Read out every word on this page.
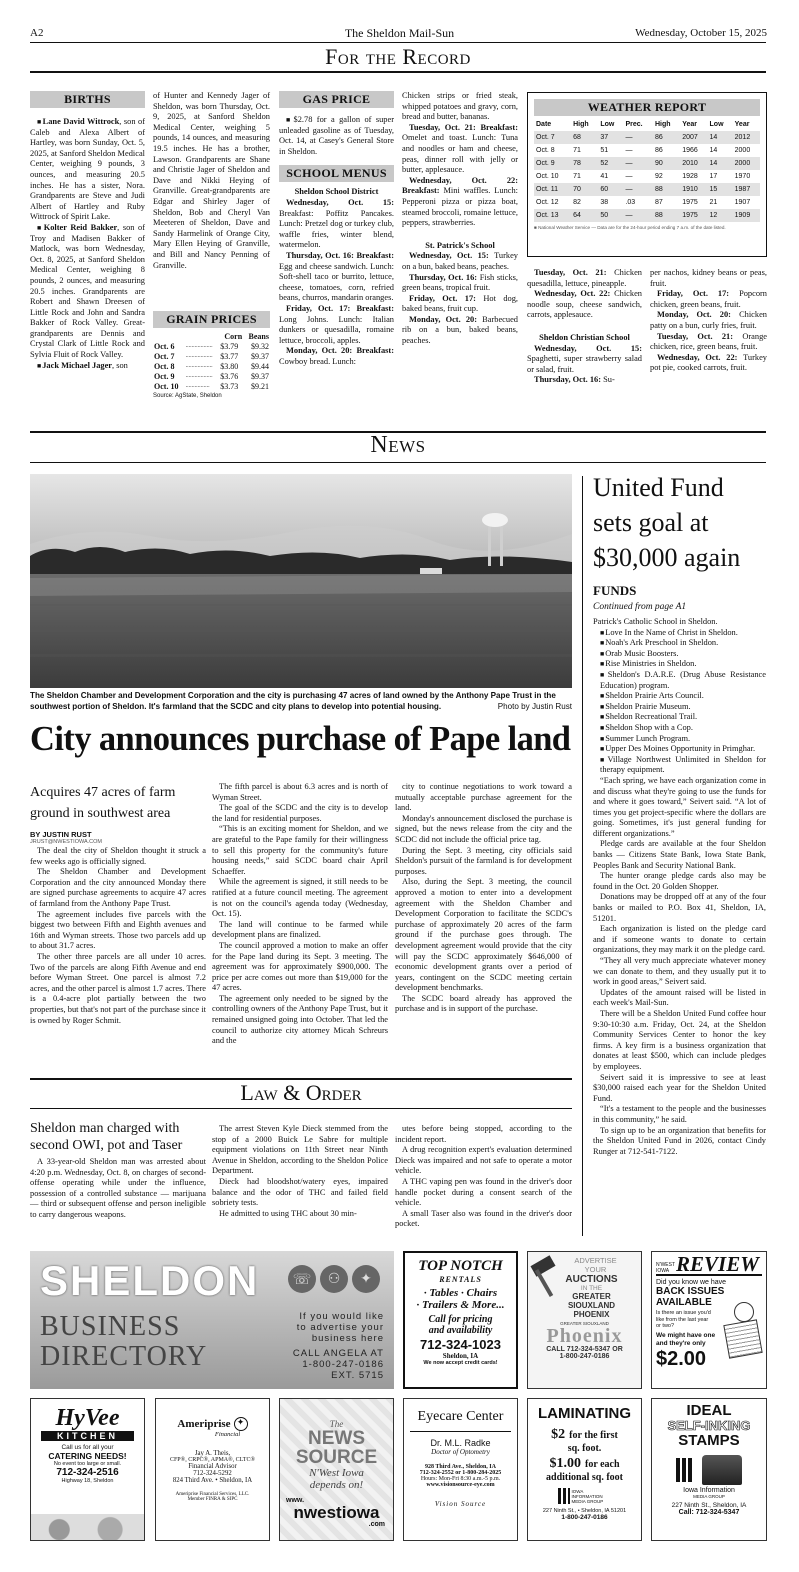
A2	The Sheldon Mail-Sun	Wednesday, October 15, 2025
For the Record
BIRTHS

■ Lane David Wittrock, son of Caleb and Alexa Albert of Hartley, was born Sunday, Oct. 5, 2025, at Sanford Sheldon Medical Center, weighing 9 pounds, 3 ounces, and measuring 20.5 inches. He has a sister, Nora. Grandparents are Steve and Judi Albert of Hartley and Ruby Wittrock of Spirit Lake.

■ Kolter Reid Bakker, son of Troy and Madisen Bakker of Matlock, was born Wednesday, Oct. 8, 2025, at Sanford Sheldon Medical Center, weighing 8 pounds, 2 ounces, and measuring 20.5 inches. Grandparents are Robert and Shawn Dreesen of Little Rock and John and Sandra Bakker of Rock Valley. Great-grandparents are Dennis and Crystal Clark of Little Rock and Sylvia Fluit of Rock Valley.

■ Jack Michael Jager, son

of Hunter and Kennedy Jager of Sheldon, was born Thursday, Oct. 9, 2025, at Sanford Sheldon Medical Center, weighing 5 pounds, 14 ounces, and measuring 19.5 inches. He has a brother, Lawson. Grandparents are Shane and Christie Jager of Sheldon and Dave and Nikki Heying of Granville. Great-grandparents are Edgar and Shirley Jager of Sheldon, Bob and Cheryl Van Meeteren of Sheldon, Dave and Sandy Harmelink of Orange City, Mary Ellen Heying of Granville, and Bill and Nancy Penning of Granville.
GRAIN PRICES
		Corn	Beans
Oct. 6	..................	$3.79	$9.32
Oct. 7	..................	$3.77	$9.37
Oct. 8	..................	$3.80	$9.44
Oct. 9	..................	$3.76	$9.37
Oct. 10	................	$3.73	$9.21
Source: AgState, Sheldon
GAS PRICE

■ $2.78 for a gallon of super unleaded gasoline as of Tuesday, Oct. 14, at Casey's General Store in Sheldon.

SCHOOL MENUS
Sheldon School District

Wednesday, Oct. 15: Breakfast: Poffitz Pancakes. Lunch: Pretzel dog or turkey club, waffle fries, winter blend, watermelon.

Thursday, Oct. 16: Breakfast: Egg and cheese sandwich. Lunch: Soft-shell taco or burrito, lettuce, cheese, tomatoes, corn, refried beans, churros, mandarin oranges.

Friday, Oct. 17: Breakfast: Long Johns. Lunch: Italian dunkers or quesadilla, romaine lettuce, broccoli, apples.

Monday, Oct. 20: Breakfast: Cowboy bread. Lunch:

Chicken strips or fried steak, whipped potatoes and gravy, corn, bread and butter, bananas.

Tuesday, Oct. 21: Breakfast: Omelet and toast. Lunch: Tuna and noodles or ham and cheese, peas, dinner roll with jelly or butter, applesauce.

Wednesday, Oct. 22: Breakfast: Mini waffles. Lunch: Pepperoni pizza or pizza boat, steamed broccoli, romaine lettuce, peppers, strawberries.

St. Patrick's School

Wednesday, Oct. 15: Turkey on a bun, baked beans, peaches.

Thursday, Oct. 16: Fish sticks, green beans, tropical fruit.

Friday, Oct. 17: Hot dog, baked beans, fruit cup.

Monday, Oct. 20: Barbecued rib on a bun, baked beans, peaches.

WEATHER REPORT
Date	High	Low	Prec.	High	Year	Low	Year
Oct. 7	68	37	—	86	2007	14	2012
Oct. 8	71	51	—	86	1966	14	2000
Oct. 9	78	52	—	90	2010	14	2000
Oct. 10	71	41	—	92	1928	17	1970
Oct. 11	70	60	—	88	1910	15	1987
Oct. 12	82	38	.03	87	1975	21	1907
Oct. 13	64	50	—	88	1975	12	1909
■ National Weather Service — Data are for the 24-hour period ending 7 a.m. of the date listed.

Tuesday, Oct. 21: Chicken quesadilla, lettuce, pineapple.

Wednesday, Oct. 22: Chicken noodle soup, cheese sandwich, carrots, applesauce.

Sheldon Christian School

Wednesday, Oct. 15: Spaghetti, super strawberry salad or salad, fruit.

Thursday, Oct. 16: Su-

per nachos, kidney beans or peas, fruit.

Friday, Oct. 17: Popcorn chicken, green beans, fruit.

Monday, Oct. 20: Chicken patty on a bun, curly fries, fruit.

Tuesday, Oct. 21: Orange chicken, rice, green beans, fruit.

Wednesday, Oct. 22: Turkey pot pie, cooked carrots, fruit.

News
The Sheldon Chamber and Development Corporation and the city is purchasing 47 acres of land owned by the Anthony Pape Trust in the southwest portion of Sheldon. It's farmland that the SCDC and city plans to develop into potential housing.	Photo by Justin Rust
City announces purchase of Pape land
Acquires 47 acres of farm ground in southwest area
BY JUSTIN RUST
JRUST@NWESTIOWA.COM

The deal the city of Sheldon thought it struck a few weeks ago is officially signed.

The Sheldon Chamber and Development Corporation and the city announced Monday there are signed purchase agreements to acquire 47 acres of farmland from the Anthony Pape Trust.

The agreement includes five parcels with the biggest two between Fifth and Eighth avenues and 16th and Wyman streets. Those two parcels add up to about 31.7 acres.

The other three parcels are all under 10 acres. Two of the parcels are along Fifth Avenue and end before Wyman Street. One parcel is almost 7.2 acres, and the other parcel is almost 1.7 acres. There is a 0.4-acre plot partially between the two properties, but that's not part of the purchase since it is owned by Roger Schmit.

The fifth parcel is about 6.3 acres and is north of Wyman Street.

The goal of the SCDC and the city is to develop the land for residential purposes.

“This is an exciting moment for Sheldon, and we are grateful to the Pape family for their willingness to sell this property for the community's future housing needs,” said SCDC board chair April Schaeffer.

While the agreement is signed, it still needs to be ratified at a future council meeting. The agreement is not on the council's agenda today (Wednesday, Oct. 15).

The land will continue to be farmed while development plans are finalized.

The council approved a motion to make an offer for the Pape land during its Sept. 3 meeting. The agreement was for approximately $900,000. The price per acre comes out more than $19,000 for the 47 acres.

The agreement only needed to be signed by the controlling owners of the Anthony Pape Trust, but it remained unsigned going into October. That led the council to authorize city attorney Micah Schreurs and the

city to continue negotiations to work toward a mutually acceptable purchase agreement for the land.

Monday's announcement disclosed the purchase is signed, but the news release from the city and the SCDC did not include the official price tag.

During the Sept. 3 meeting, city officials said Sheldon's pursuit of the farmland is for development purposes.

Also, during the Sept. 3 meeting, the council approved a motion to enter into a development agreement with the Sheldon Chamber and Development Corporation to facilitate the SCDC's purchase of approximately 20 acres of the farm ground if the purchase goes through. The development agreement would provide that the city will pay the SCDC approximately $646,000 of economic development grants over a period of years, contingent on the SCDC meeting certain development benchmarks.

The SCDC board already has approved the purchase and is in support of the purchase.

United Fund sets goal at $30,000 again
FUNDS
Continued from page A1
Patrick's Catholic School in Sheldon.

■ Love In the Name of Christ in Sheldon.

■ Noah's Ark Preschool in Sheldon.

■ Orab Music Boosters.

■ Rise Ministries in Sheldon.

■ Sheldon's D.A.R.E. (Drug Abuse Resistance Education) program.

■ Sheldon Prairie Arts Council.

■ Sheldon Prairie Museum.

■ Sheldon Recreational Trail.

■ Sheldon Shop with a Cop.

■ Summer Lunch Program.

■ Upper Des Moines Opportunity in Primghar.

■ Village Northwest Unlimited in Sheldon for therapy equipment.

“Each spring, we have each organization come in and discuss what they're going to use the funds for and where it goes toward,” Seivert said. “A lot of times you get project-specific where the dollars are going. Sometimes, it's just general funding for different organizations.”

Pledge cards are available at the four Sheldon banks — Citizens State Bank, Iowa State Bank, Peoples Bank and Security National Bank.

The hunter orange pledge cards also may be found in the Oct. 20 Golden Shopper.

Donations may be dropped off at any of the four banks or mailed to P.O. Box 41, Sheldon, IA, 51201.

Each organization is listed on the pledge card and if someone wants to donate to certain organizations, they may mark it on the pledge card.

“They all very much appreciate whatever money we can donate to them, and they usually put it to work in good areas,” Seivert said.

Updates of the amount raised will be listed in each week's Mail-Sun.

There will be a Sheldon United Fund coffee hour 9:30-10:30 a.m. Friday, Oct. 24, at the Sheldon Community Services Center to honor the key firms. A key firm is a business organization that donates at least $500, which can include pledges by employees.

Seivert said it is impressive to see at least $30,000 raised each year for the Sheldon United Fund.

“It's a testament to the people and the businesses in this community,” he said.

To sign up to be an organization that benefits for the Sheldon United Fund in 2026, contact Cindy Runger at 712-541-7122.

Law & Order
Sheldon man charged with second OWI, pot and Taser

A 33-year-old Sheldon man was arrested about 4:20 p.m. Wednesday, Oct. 8, on charges of second-offense operating while under the influence, possession of a controlled substance — marijuana — third or subsequent offense and person ineligible to carry dangerous weapons.

The arrest Steven Kyle Dieck stemmed from the stop of a 2000 Buick Le Sabre for multiple equipment violations on 11th Street near Ninth Avenue in Sheldon, according to the Sheldon Police Department.

Dieck had bloodshot/watery eyes, impaired balance and the odor of THC and failed field sobriety tests.

He admitted to using THC about 30 min-

utes before being stopped, according to the incident report.

A drug recognition expert's evaluation determined Dieck was impaired and not safe to operate a motor vehicle.

A THC vaping pen was found in the driver's door handle pocket during a consent search of the vehicle.

A small Taser also was found in the driver's door pocket.

SHELDON
BUSINESS
DIRECTORY
☏	⚇	✦
If you would like
to advertise your
business here
CALL ANGELA AT
1-800-247-0186
EXT. 5715
TOP NOTCH
RENTALS
· Tables · Chairs
· Trailers & More...
Call for pricing
and availability
712-324-1023
Sheldon, IA
We now accept credit cards!
ADVERTISE
YOUR
AUCTIONS
IN THE
GREATER
SIOUXLAND
PHOENIX
GREATER SIOUXLAND
Phoenix
CALL 712-324-5347 OR
1-800-247-0186
N'WEST IOWA REVIEW
Did you know we have
BACK ISSUES
AVAILABLE
Is there an issue you'd like from the last year or two?
We might have one and they're only
$2.00
HyVee
KITCHEN
Call us for all your
CATERING NEEDS!
No event too large or small.
712-324-2516
Highway 18, Sheldon
Ameriprise ✦
Financial
Jay A. Theis,
CFP®, CRPC®, APMA®, CLTC®
Financial Advisor
712-324-5292
824 Third Ave. • Sheldon, IA
Ameriprise Financial Services, LLC.
Member FINRA & SIPC
The
NEWS
SOURCE
N'West Iowa
depends on!
www.
nwestiowa
.com
Eyecare Center
Dr. M.L. Radke
Doctor of Optometry
928 Third Ave., Sheldon, IA
712-324-2552 or 1-800-284-2025
Hours: Mon-Fri 8:30 a.m.-5 p.m.
www.visionsource-eye.com
Vision Source
LAMINATING
$2 for the first
sq. foot.
$1.00 for each
additional sq. foot
IOWA INFORMATION MEDIA GROUP
227 Ninth St., • Sheldon, IA 51201
1-800-247-0186
IDEAL
SELF-INKING
STAMPS
Iowa Information
MEDIA GROUP
227 Ninth St., Sheldon, IA
Call: 712-324-5347
